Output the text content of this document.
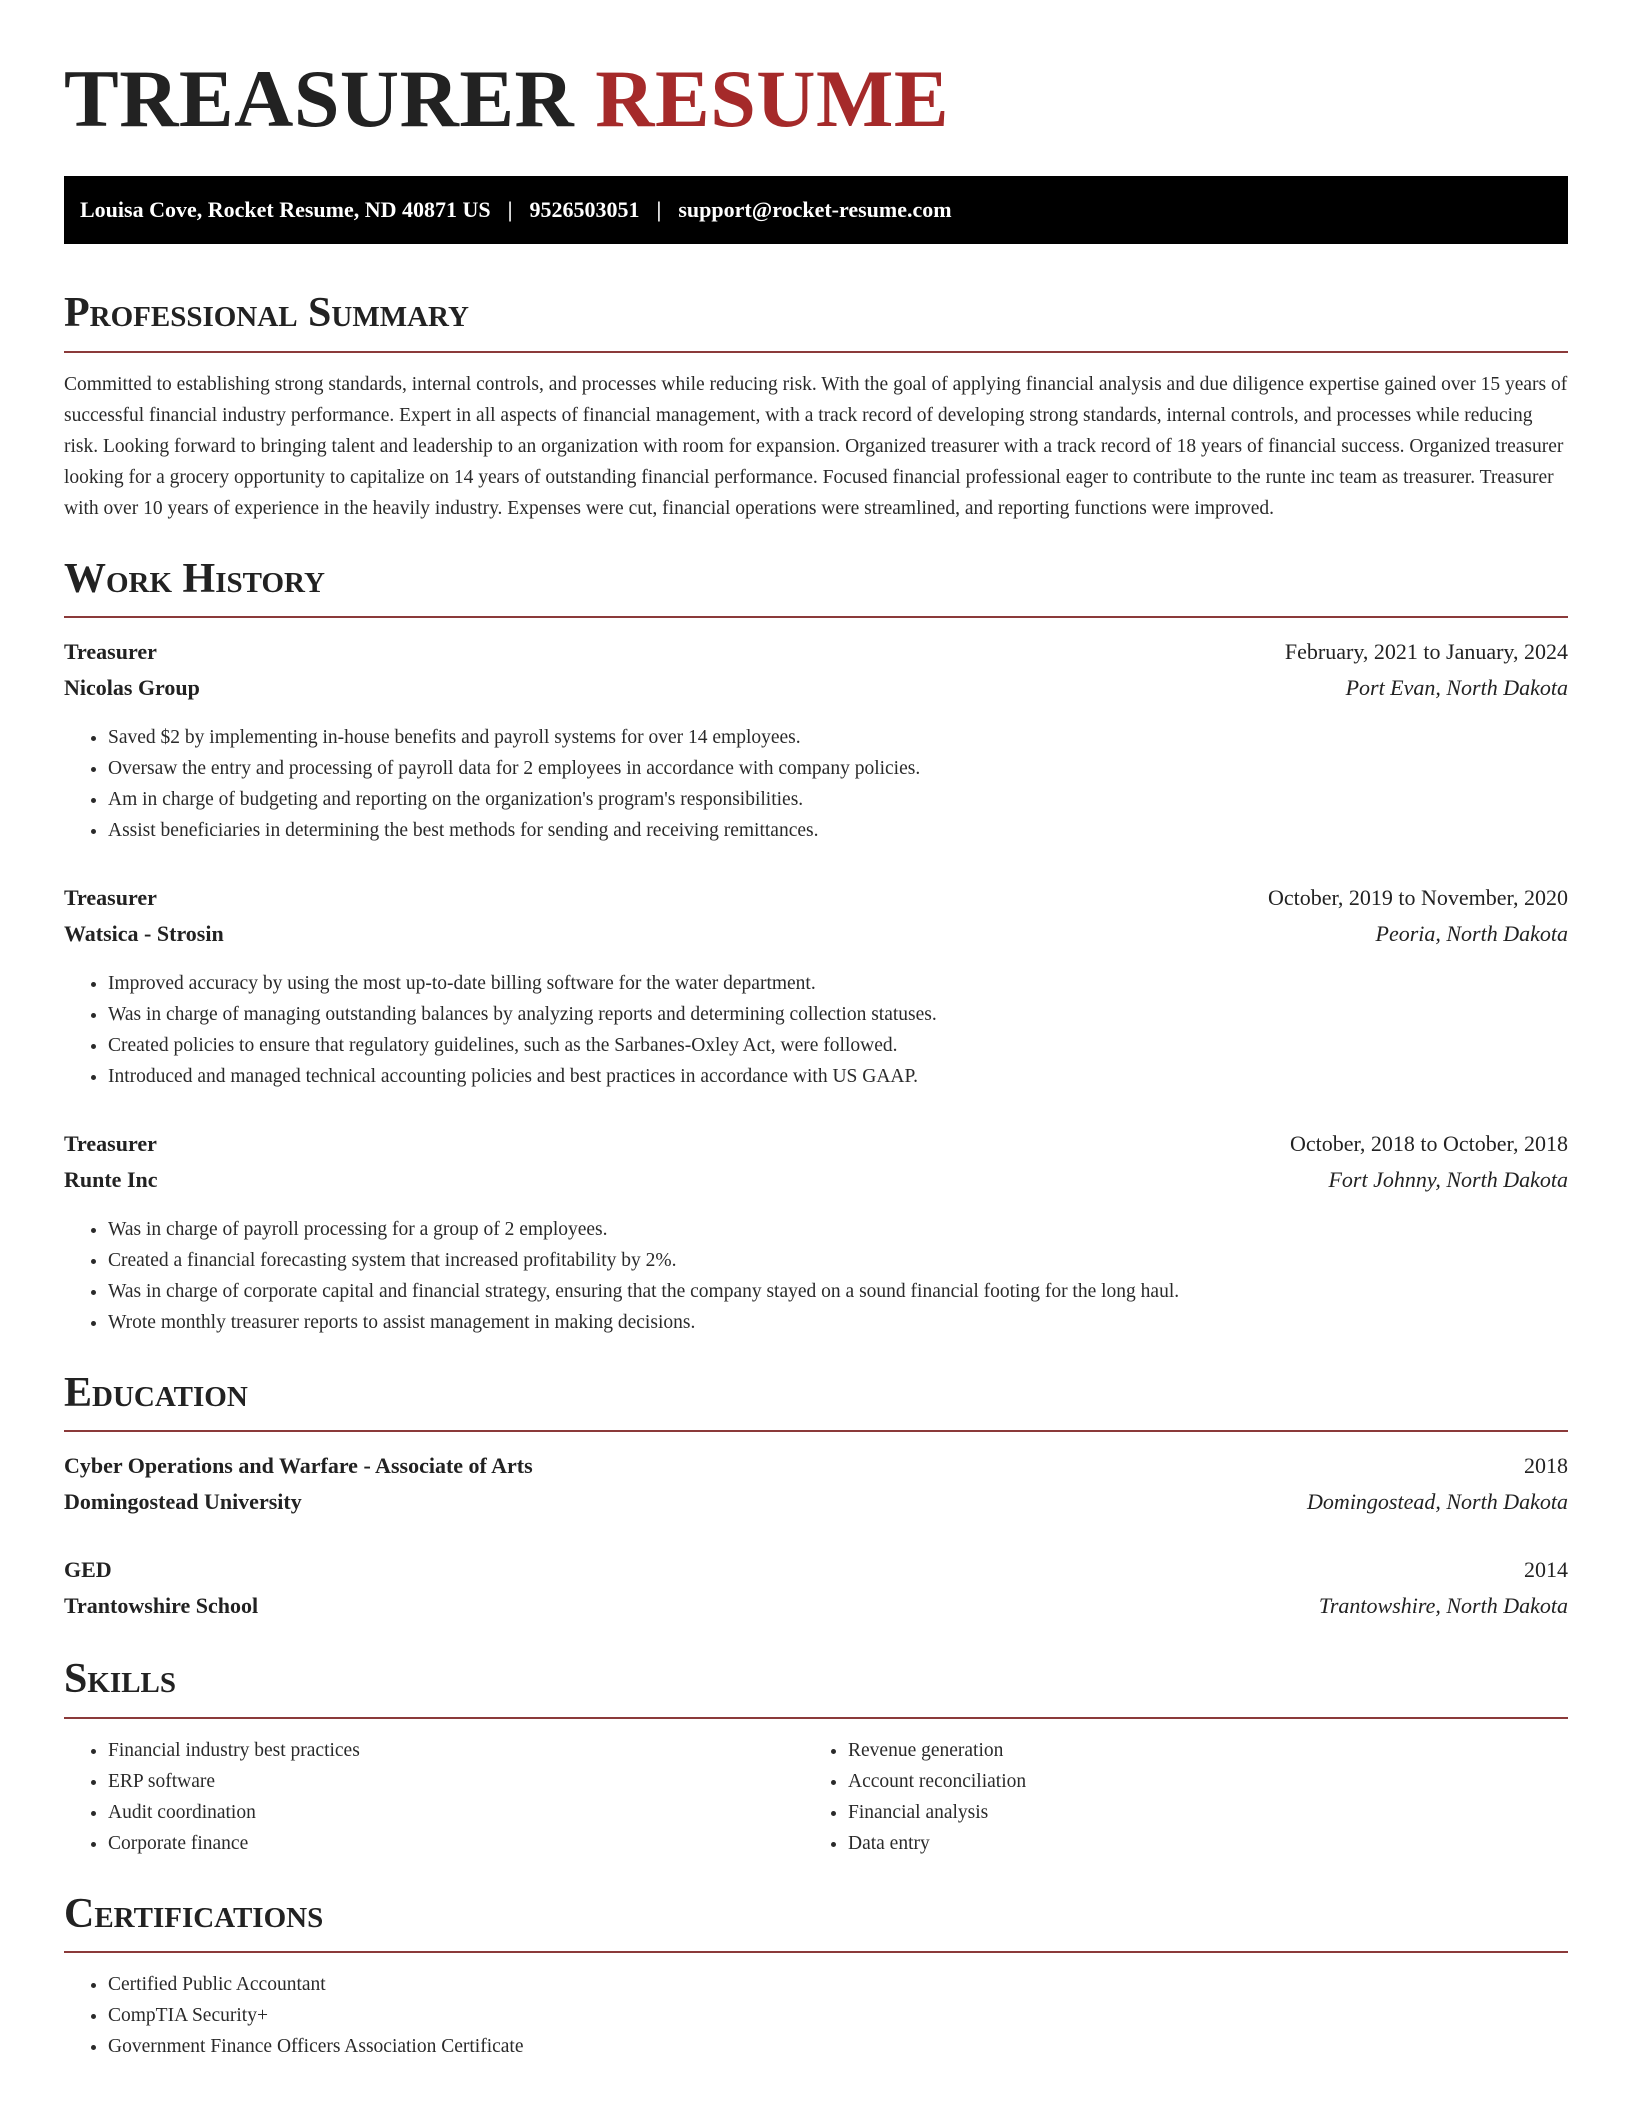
TREASURER RESUME
Louisa Cove, Rocket Resume, ND 40871 US | 9526503051 | support@rocket-resume.com
Professional Summary

Committed to establishing strong standards, internal controls, and processes while reducing risk. With the goal of applying financial analysis and due diligence expertise gained over 15 years of successful financial industry performance. Expert in all aspects of financial management, with a track record of developing strong standards, internal controls, and processes while reducing risk. Looking forward to bringing talent and leadership to an organization with room for expansion. Organized treasurer with a track record of 18 years of financial success. Organized treasurer looking for a grocery opportunity to capitalize on 14 years of outstanding financial performance. Focused financial professional eager to contribute to the runte inc team as treasurer. Treasurer with over 10 years of experience in the heavily industry. Expenses were cut, financial operations were streamlined, and reporting functions were improved.

Work History
Treasurer	February, 2021 to January, 2024
Nicolas Group	Port Evan, North Dakota
• Saved $2 by implementing in-house benefits and payroll systems for over 14 employees.
• Oversaw the entry and processing of payroll data for 2 employees in accordance with company policies.
• Am in charge of budgeting and reporting on the organization's program's responsibilities.
• Assist beneficiaries in determining the best methods for sending and receiving remittances.
Treasurer	October, 2019 to November, 2020
Watsica - Strosin	Peoria, North Dakota
• Improved accuracy by using the most up-to-date billing software for the water department.
• Was in charge of managing outstanding balances by analyzing reports and determining collection statuses.
• Created policies to ensure that regulatory guidelines, such as the Sarbanes-Oxley Act, were followed.
• Introduced and managed technical accounting policies and best practices in accordance with US GAAP.
Treasurer	October, 2018 to October, 2018
Runte Inc	Fort Johnny, North Dakota
• Was in charge of payroll processing for a group of 2 employees.
• Created a financial forecasting system that increased profitability by 2%.
• Was in charge of corporate capital and financial strategy, ensuring that the company stayed on a sound financial footing for the long haul.
• Wrote monthly treasurer reports to assist management in making decisions.
Education
Cyber Operations and Warfare - Associate of Arts	2018
Domingostead University	Domingostead, North Dakota
GED	2014
Trantowshire School	Trantowshire, North Dakota
Skills
• Financial industry best practices
• ERP software
• Audit coordination
• Corporate finance
• Revenue generation
• Account reconciliation
• Financial analysis
• Data entry
Certifications
• Certified Public Accountant
• CompTIA Security+
• Government Finance Officers Association Certificate
